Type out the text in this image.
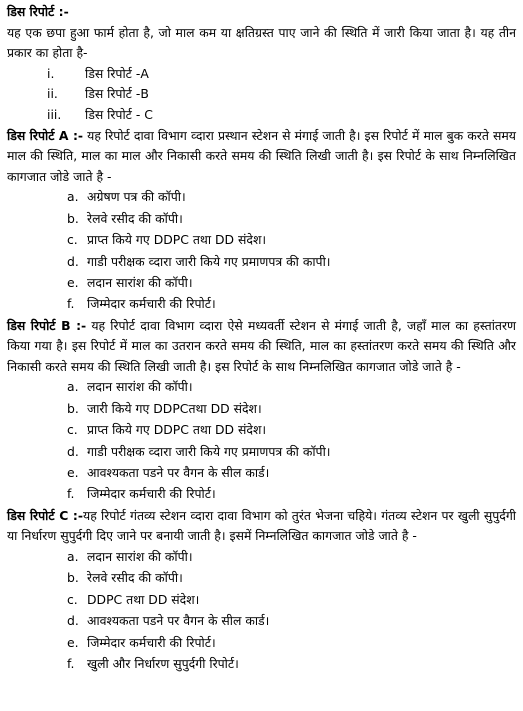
डिस रिपोर्ट :-

यह एक छपा हुआ फार्म होता है, जो माल कम या क्षतिग्रस्त पाए जाने की स्थिति में जारी किया जाता है। यह तीन प्रकार का होता है-

i.	डिस रिपोर्ट -A
ii.	डिस रिपोर्ट -B
iii.	डिस रिपोर्ट - C

डिस रिपोर्ट A :- यह रिपोर्ट दावा विभाग व्दारा प्रस्थान स्टेशन से मंगाई जाती है। इस रिपोर्ट में माल बुक करते समय माल की स्थिति, माल का माल और निकासी करते समय की स्थिति लिखी जाती है। इस रिपोर्ट के साथ निम्नलिखित कागजात जोडे जाते है -

a. अग्रेषण पत्र की कॉपी।
b. रेलवे रसीद की कॉपी।
c. प्राप्त किये गए DDPC तथा DD संदेश।
d. गाडी परीक्षक व्दारा जारी किये गए प्रमाणपत्र की कापी।
e. लदान सारांश की कॉपी।
f.	जिम्मेदार कर्मचारी की रिपोर्ट।

डिस रिपोर्ट B :- यह रिपोर्ट दावा विभाग व्दारा ऐसे मध्यवर्ती स्टेशन से मंगाई जाती है, जहाँ माल का हस्तांतरण किया गया है। इस रिपोर्ट में माल का उतरान करते समय की स्थिति, माल का हस्तांतरण करते समय की स्थिति और निकासी करते समय की स्थिति लिखी जाती है। इस रिपोर्ट के साथ निम्नलिखित कागजात जोडे जाते है -

a. लदान सारांश की कॉपी।
b. जारी किये गए DDPCतथा DD संदेश।
c. प्राप्त किये गए DDPC तथा DD संदेश।
d. गाडी परीक्षक व्दारा जारी किये गए प्रमाणपत्र की कॉपी।
e. आवश्यकता पडने पर वैगन के सील कार्ड।
f.	जिम्मेदार कर्मचारी की रिपोर्ट।

डिस रिपोर्ट C :-यह रिपोर्ट गंतव्य स्टेशन व्दारा दावा विभाग को तुरंत भेजना चहिये। गंतव्य स्टेशन पर खुली सुपुर्दगी या निर्धारण सुपुर्दगी दिए जाने पर बनायी जाती है। इसमें निम्नलिखित कागजात जोडे जाते है -

a. लदान सारांश की कॉपी।
b. रेलवे रसीद की कॉपी।
c. DDPC तथा DD संदेश।
d. आवश्यकता पडने पर वैगन के सील कार्ड।
e. जिम्मेदार कर्मचारी की रिपोर्ट।
f.	खुली और निर्धारण सुपुर्दगी रिपोर्ट।
